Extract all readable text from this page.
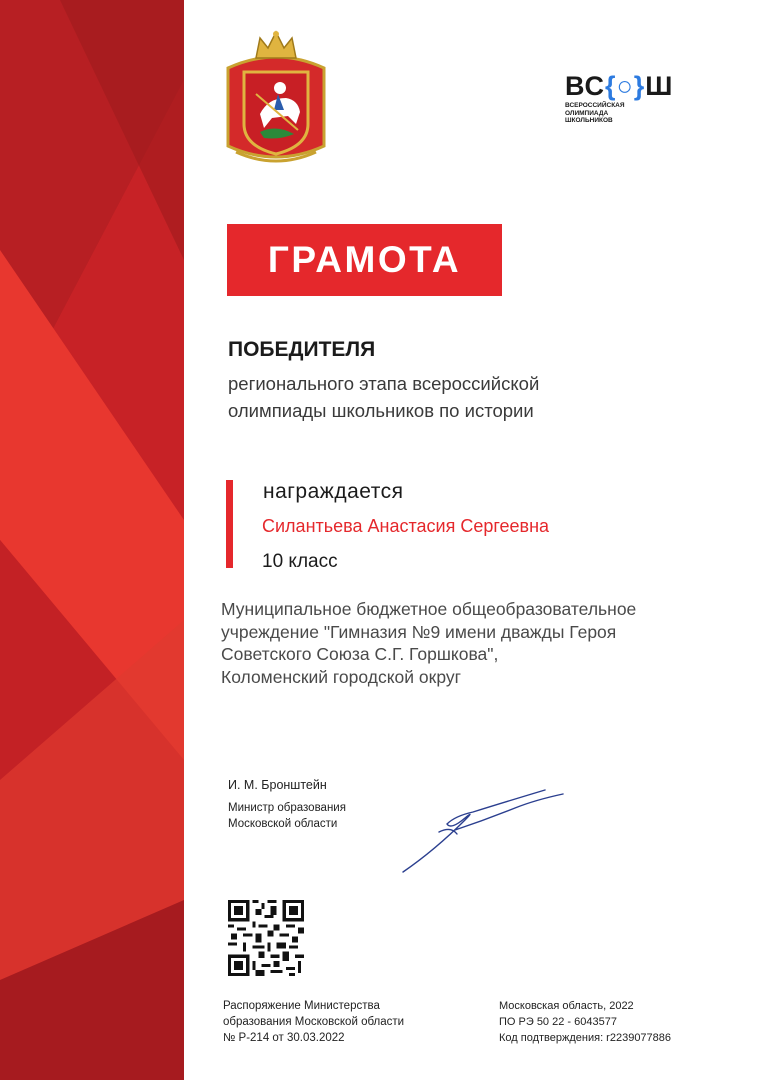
ВС{○}Ш
ВСЕРОССИЙСКАЯ
ОЛИМПИАДА
ШКОЛЬНИКОВ
ГРАМОТА
ПОБЕДИТЕЛЯ
регионального этапа всероссийской
олимпиады школьников по истории
награждается
Силантьева Анастасия Сергеевна
10 класс
Муниципальное бюджетное общеобразовательное
учреждение "Гимназия №9 имени дважды Героя
Советского Союза С.Г. Горшкова",
Коломенский городской округ
И. М. Бронштейн
Министр образования
Московской области
Распоряжение Министерства
образования Московской области
№ Р-214 от 30.03.2022
Московская область, 2022
ПО РЭ 50 22 - 6043577
Код подтверждения: r2239077886
